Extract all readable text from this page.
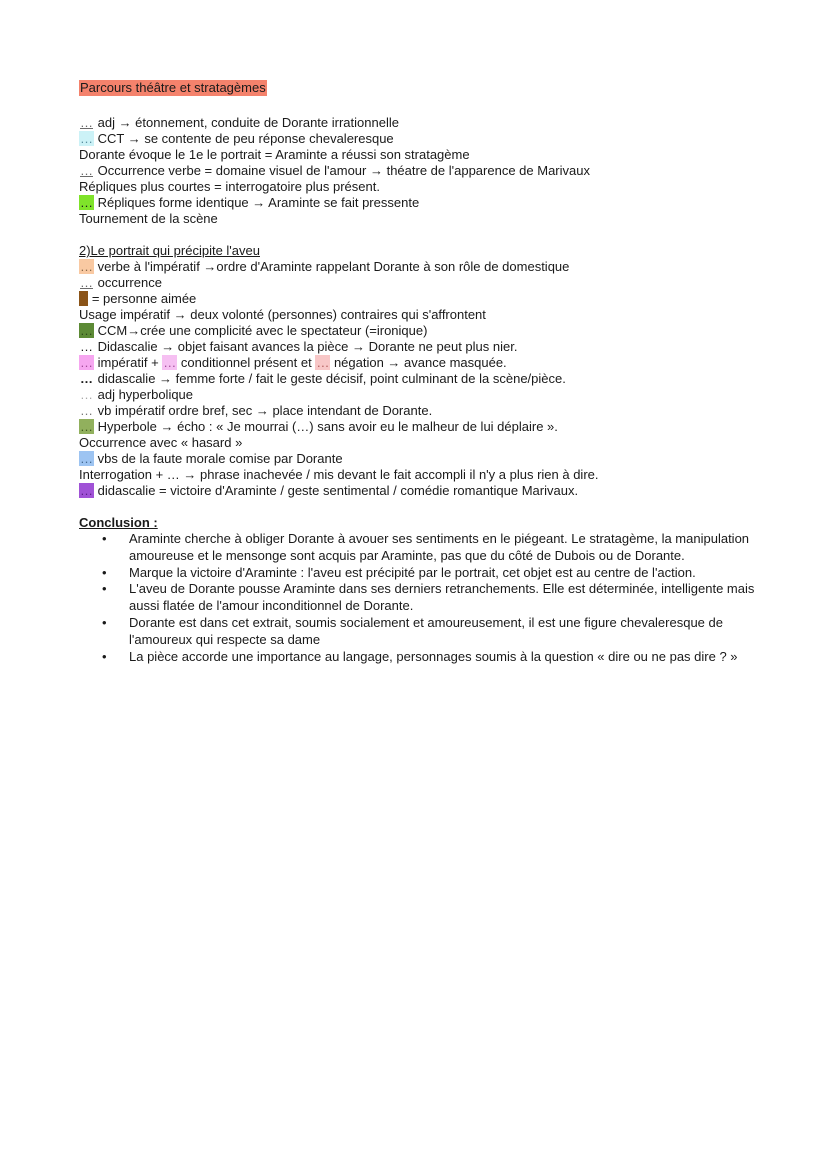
Parcours théâtre et stratagèmes
… adj → étonnement, conduite de Dorante irrationnelle
… CCT → se contente de peu réponse chevaleresque
Dorante évoque le 1e le portrait = Araminte a réussi son stratagème
… Occurrence verbe = domaine visuel de l'amour → théatre de l'apparence de Marivaux
Répliques plus courtes = interrogatoire plus présent.
… Répliques forme identique → Araminte se fait pressente
Tournement de la scène
2)Le portrait qui précipite l'aveu
… verbe à l'impératif →ordre d'Araminte rappelant Dorante à son rôle de domestique
… occurrence
= personne aimée
Usage impératif → deux volonté (personnes) contraires qui s'affrontent
… CCM→crée une complicité avec le spectateur (=ironique)
… Didascalie → objet faisant avances la pièce → Dorante ne peut plus nier.
… impératif + … conditionnel présent et … négation → avance masquée.
… didascalie → femme forte / fait le geste décisif, point culminant de la scène/pièce.
… adj hyperbolique
… vb impératif ordre bref, sec → place intendant de Dorante.
… Hyperbole → écho : « Je mourrai (…) sans avoir eu le malheur de lui déplaire ».
Occurrence avec « hasard »
… vbs de la faute morale comise par Dorante
Interrogation + … → phrase inachevée / mis devant le fait accompli il n'y a plus rien à dire.
… didascalie = victoire d'Araminte / geste sentimental / comédie romantique Marivaux.
Conclusion :
• Araminte cherche à obliger Dorante à avouer ses sentiments en le piégeant. Le stratagème, la manipulation amoureuse et le mensonge sont acquis par Araminte, pas que du côté de Dubois ou de Dorante.
• Marque la victoire d'Araminte : l'aveu est précipité par le portrait, cet objet est au centre de l'action.
• L'aveu de Dorante pousse Araminte dans ses derniers retranchements. Elle est déterminée, intelligente mais aussi flatée de l'amour inconditionnel de Dorante.
• Dorante est dans cet extrait, soumis socialement et amoureusement, il est une figure chevaleresque de l'amoureux qui respecte sa dame
• La pièce accorde une importance au langage, personnages soumis à la question « dire ou ne pas dire ? »
